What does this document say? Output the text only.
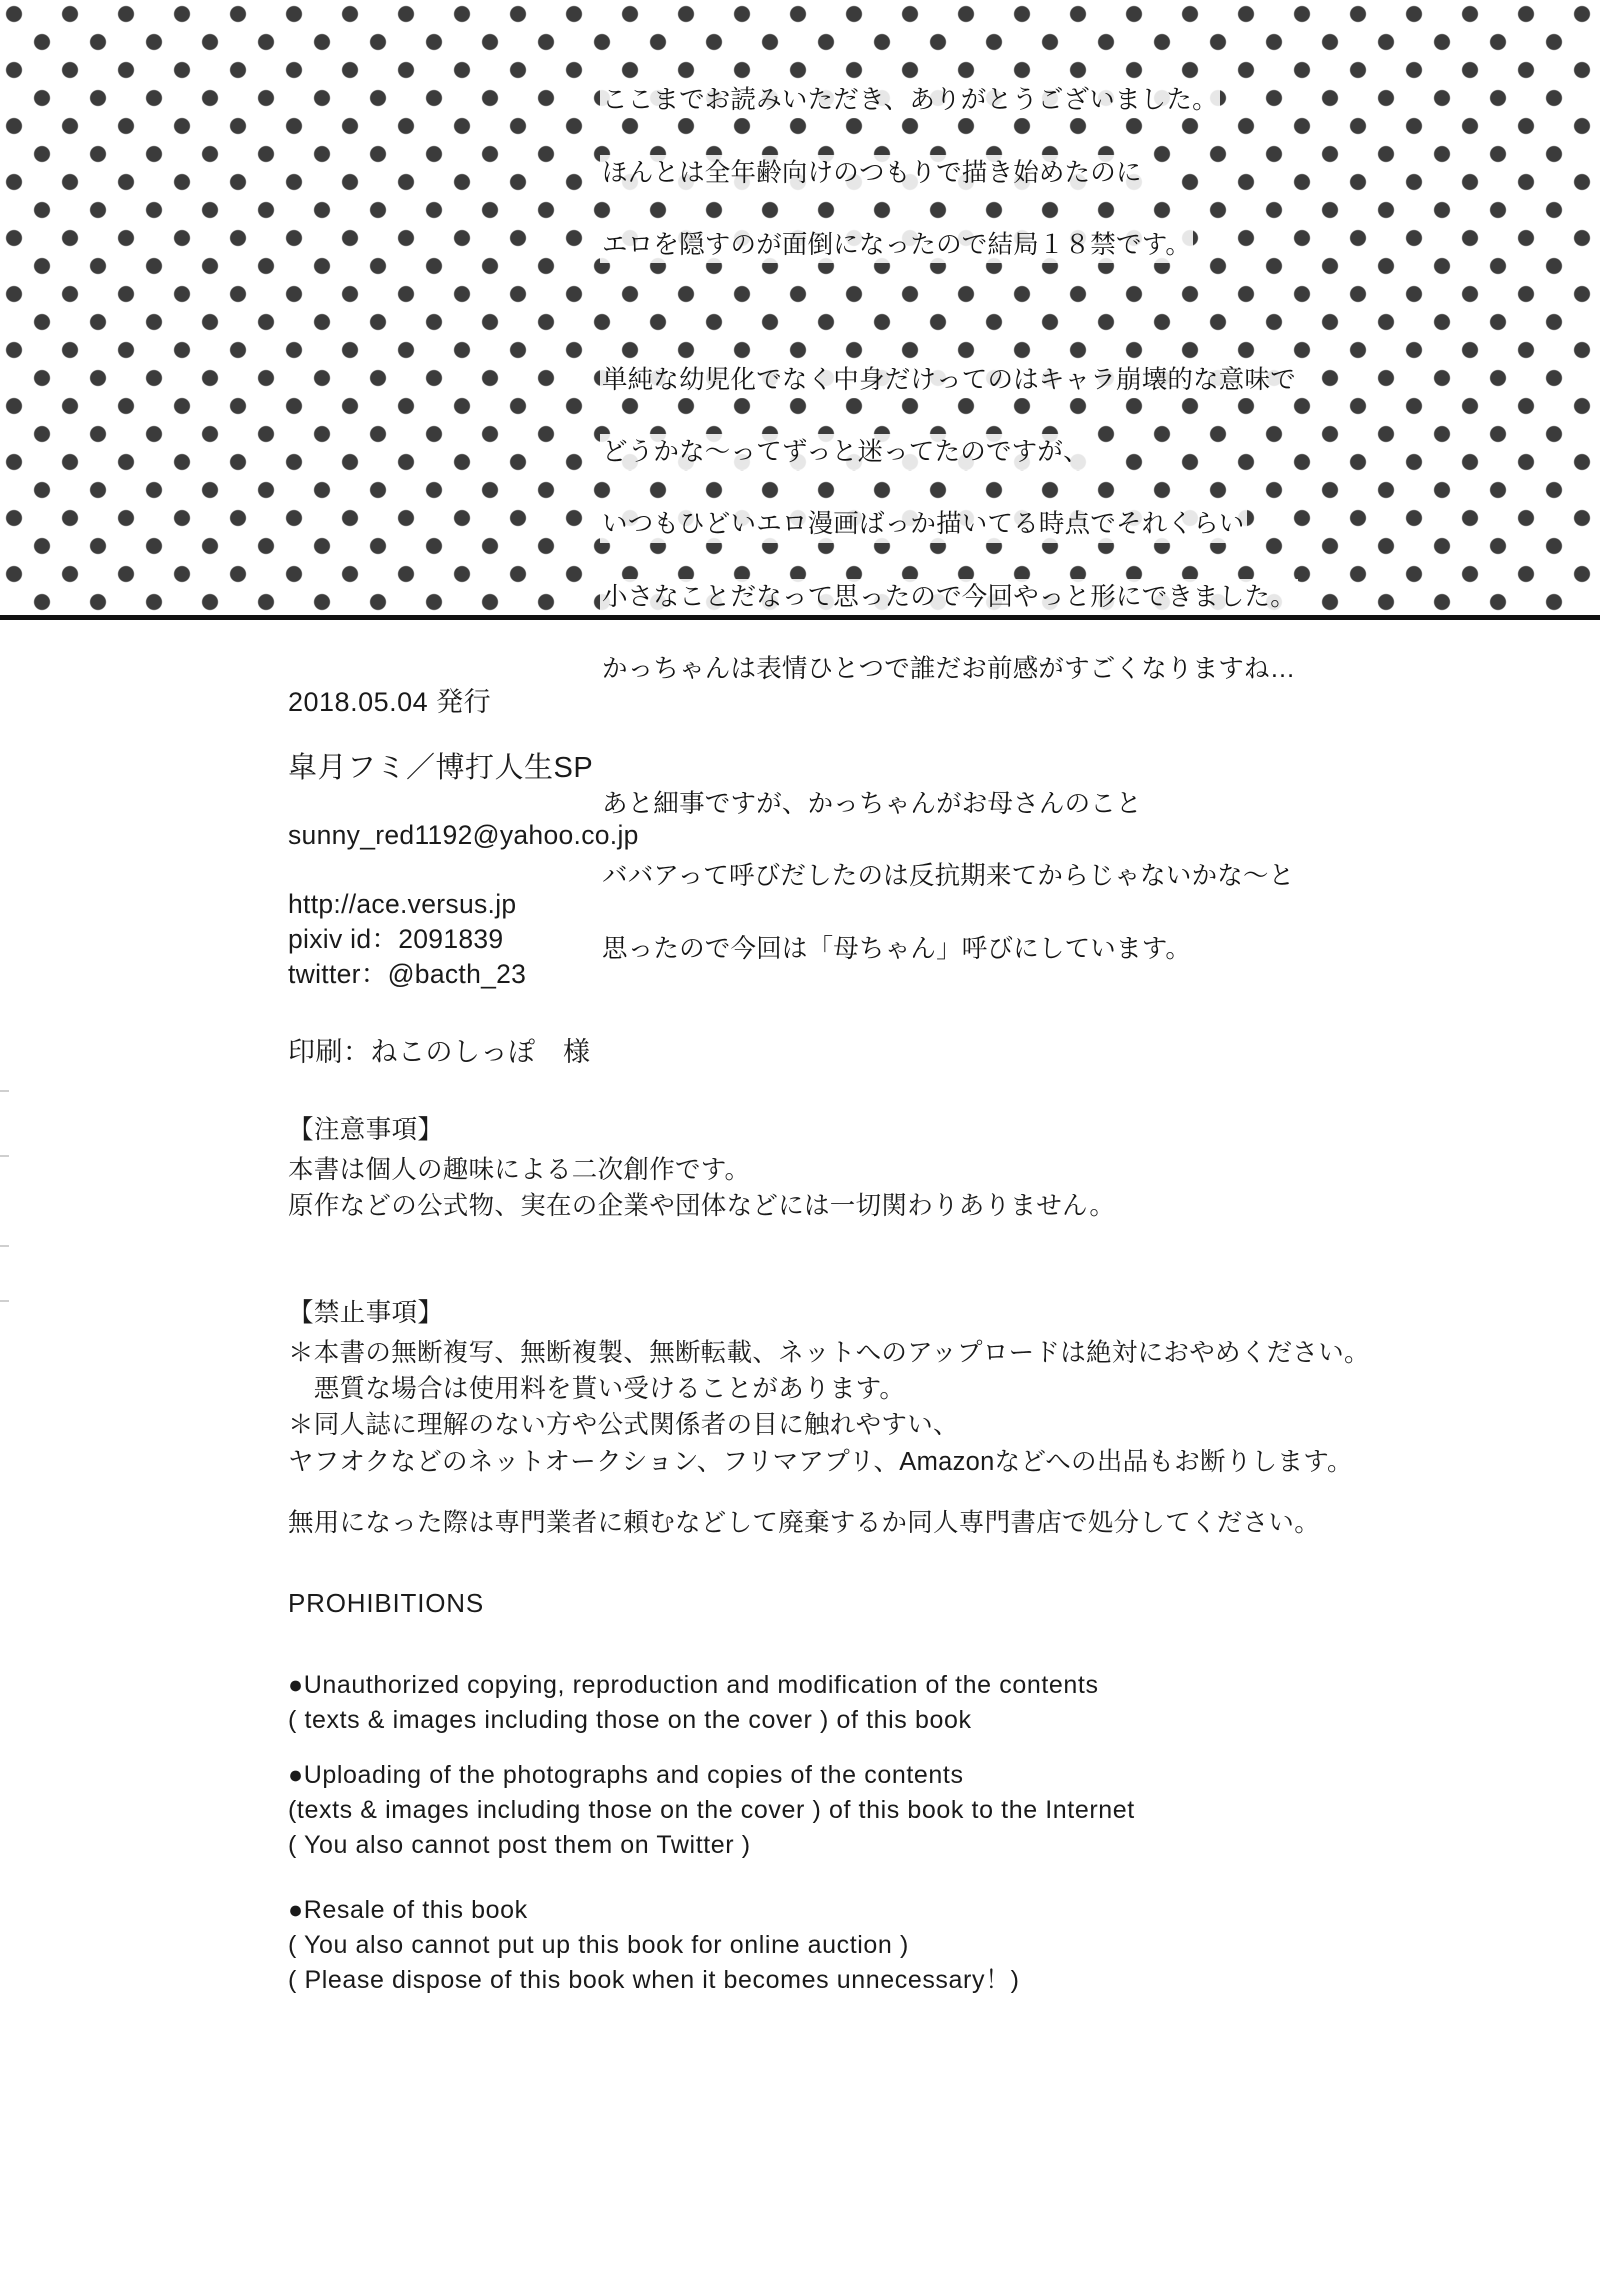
ここまでお読みいただき、ありがとうございました。

ほんとは全年齢向けのつもりで描き始めたのに

エロを隠すのが面倒になったので結局１８禁です。

単純な幼児化でなく中身だけってのはキャラ崩壊的な意味で

どうかな〜ってずっと迷ってたのですが、

いつもひどいエロ漫画ばっか描いてる時点でそれくらい

小さなことだなって思ったので今回やっと形にできました。

かっちゃんは表情ひとつで誰だお前感がすごくなりますね…

あと細事ですが、かっちゃんがお母さんのこと

ババアって呼びだしたのは反抗期来てからじゃないかな〜と

思ったので今回は「母ちゃん」呼びにしています。

2018.05.04 発行
皐月フミ／博打人生SP
sunny_red1192@yahoo.co.jp
http://ace.versus.jp
pixiv id：2091839
twitter：@bacth_23
印刷：ねこのしっぽ　様
【注意事項】
本書は個人の趣味による二次創作です。
原作などの公式物、実在の企業や団体などには一切関わりありません。
【禁止事項】
＊本書の無断複写、無断複製、無断転載、ネットへのアップロードは絶対におやめください。
　悪質な場合は使用料を貰い受けることがあります。
＊同人誌に理解のない方や公式関係者の目に触れやすい、
ヤフオクなどのネットオークション、フリマアプリ、Amazonなどへの出品もお断りします。
無用になった際は専門業者に頼むなどして廃棄するか同人専門書店で処分してください。
PROHIBITIONS
●Unauthorized copying, reproduction and modification of the contents
( texts & images including those on the cover ) of this book
●Uploading of the photographs and copies of the contents
(texts & images including those on the cover ) of this book to the Internet
( You also cannot post them on Twitter )
●Resale of this book
( You also cannot put up this book for online auction )
( Please dispose of this book when it becomes unnecessary！)
